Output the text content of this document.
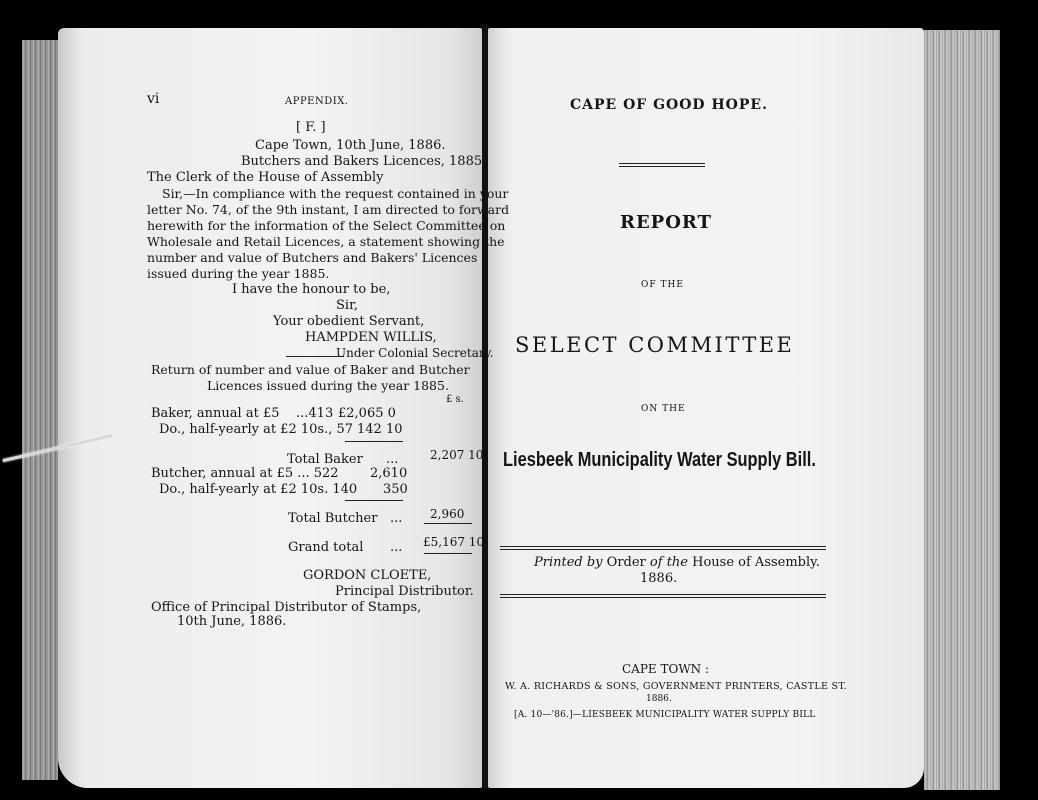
vi	APPENDIX.
[ F. ]
Cape Town, 10th June, 1886.
Butchers and Bakers Licences, 1885.
The Clerk of the House of Assembly
Sir,—In compliance with the request contained in your
letter No. 74, of the 9th instant, I am directed to forward
herewith for the information of the Select Committee on
Wholesale and Retail Licences, a statement showing the
number and value of Butchers and Bakers' Licences
issued during the year 1885.
I have the honour to be,
Sir,
Your obedient Servant,
HAMPDEN WILLIS,
Under Colonial Secretary.
Return of number and value of Baker and Butcher
Licences issued during the year 1885.
£ s.
Baker, annual at £5 ...413 £2,065 0
Do., half-yearly at £2 10s., 57 142 10
Total Baker ...	2,207 10
Butcher, annual at £5 ... 522 2,610
Do., half-yearly at £2 10s. 140 350
Total Butcher ... 2,960
Grand total ... £5,167 10
GORDON CLOETE,
Principal Distributor.
Office of Principal Distributor of Stamps,
10th June, 1886.
CAPE OF GOOD HOPE.
REPORT
OF THE
SELECT COMMITTEE
ON THE
Liesbeek Municipality Water Supply Bill.
Printed by Order of the House of Assembly.
1886.
CAPE TOWN :
W. A. RICHARDS & SONS, GOVERNMENT PRINTERS, CASTLE ST.
1886.
[A. 10—'86.]—LIESBEEK MUNICIPALITY WATER SUPPLY BILL
